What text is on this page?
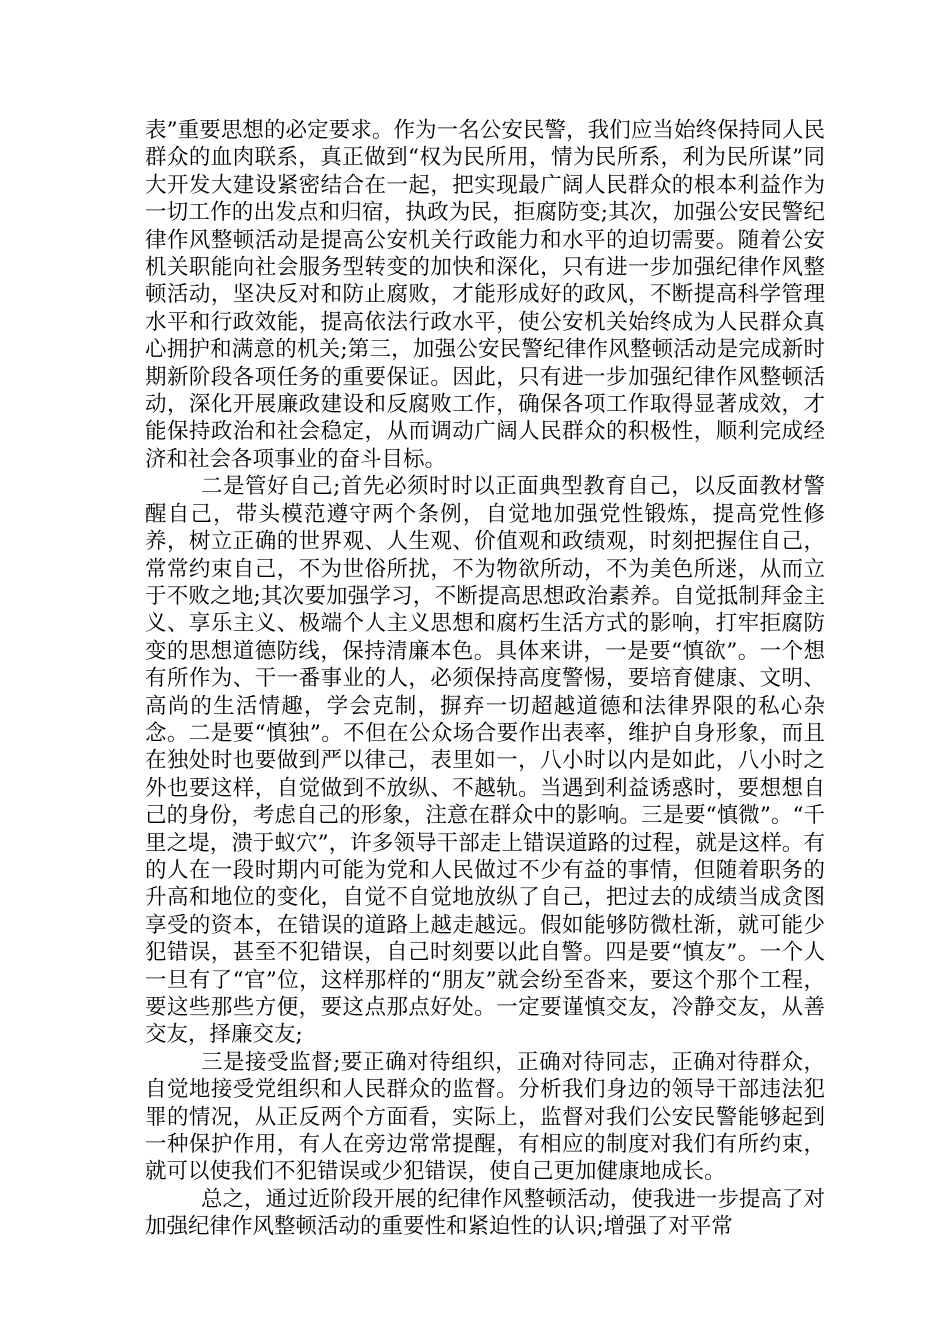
表”重要思想的必定要求。作为一名公安民警，我们应当始终保持同人民群众的血肉联系，真正做到“权为民所用，情为民所系，利为民所谋”同大开发大建设紧密结合在一起，把实现最广阔人民群众的根本利益作为一切工作的出发点和归宿，执政为民，拒腐防变;其次，加强公安民警纪律作风整顿活动是提高公安机关行政能力和水平的迫切需要。随着公安机关职能向社会服务型转变的加快和深化，只有进一步加强纪律作风整顿活动，坚决反对和防止腐败，才能形成好的政风，不断提高科学管理水平和行政效能，提高依法行政水平，使公安机关始终成为人民群众真心拥护和满意的机关;第三，加强公安民警纪律作风整顿活动是完成新时期新阶段各项任务的重要保证。因此，只有进一步加强纪律作风整顿活动，深化开展廉政建设和反腐败工作，确保各项工作取得显著成效，才能保持政治和社会稳定，从而调动广阔人民群众的积极性，顺利完成经济和社会各项事业的奋斗目标。

二是管好自己;首先必须时时以正面典型教育自己，以反面教材警醒自己，带头模范遵守两个条例，自觉地加强党性锻炼，提高党性修养，树立正确的世界观、人生观、价值观和政绩观，时刻把握住自己，常常约束自己，不为世俗所扰，不为物欲所动，不为美色所迷，从而立于不败之地;其次要加强学习，不断提高思想政治素养。自觉抵制拜金主义、享乐主义、极端个人主义思想和腐朽生活方式的影响，打牢拒腐防变的思想道德防线，保持清廉本色。具体来讲，一是要“慎欲”。一个想有所作为、干一番事业的人，必须保持高度警惕，要培育健康、文明、高尚的生活情趣，学会克制，摒弃一切超越道德和法律界限的私心杂念。二是要“慎独”。不但在公众场合要作出表率，维护自身形象，而且在独处时也要做到严以律己，表里如一，八小时以内是如此，八小时之外也要这样，自觉做到不放纵、不越轨。当遇到利益诱惑时，要想想自己的身份，考虑自己的形象，注意在群众中的影响。三是要“慎微”。“千里之堤，溃于蚁穴”，许多领导干部走上错误道路的过程，就是这样。有的人在一段时期内可能为党和人民做过不少有益的事情，但随着职务的升高和地位的变化，自觉不自觉地放纵了自己，把过去的成绩当成贪图享受的资本，在错误的道路上越走越远。假如能够防微杜渐，就可能少犯错误，甚至不犯错误，自己时刻要以此自警。四是要“慎友”。一个人一旦有了“官”位，这样那样的“朋友”就会纷至沓来，要这个那个工程，要这些那些方便，要这点那点好处。一定要谨慎交友，冷静交友，从善交友，择廉交友;

三是接受监督;要正确对待组织，正确对待同志，正确对待群众，自觉地接受党组织和人民群众的监督。分析我们身边的领导干部违法犯罪的情况，从正反两个方面看，实际上，监督对我们公安民警能够起到一种保护作用，有人在旁边常常提醒，有相应的制度对我们有所约束，就可以使我们不犯错误或少犯错误，使自己更加健康地成长。

总之，通过近阶段开展的纪律作风整顿活动，使我进一步提高了对加强纪律作风整顿活动的重要性和紧迫性的认识;增强了对平常
